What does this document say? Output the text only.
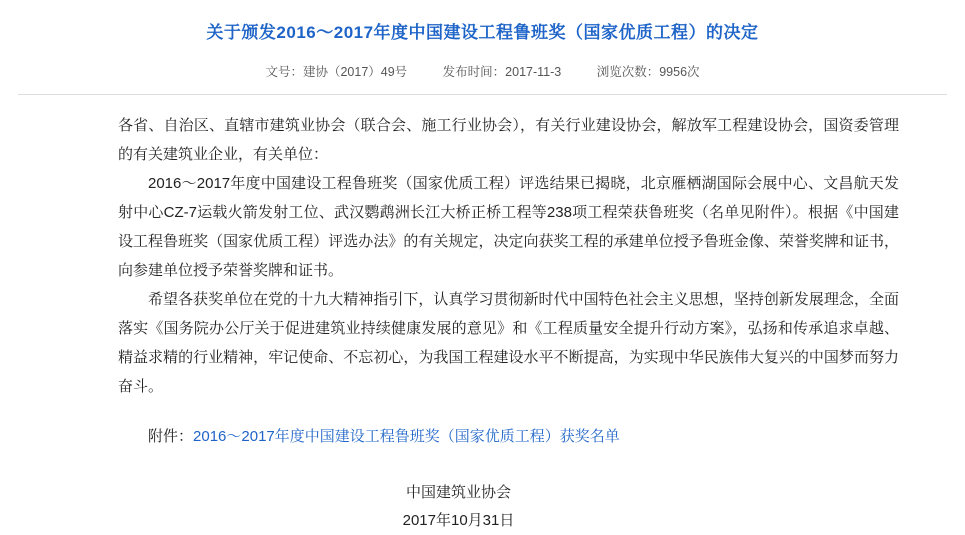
关于颁发2016～2017年度中国建设工程鲁班奖（国家优质工程）的决定
文号：建协（2017）49号	发布时间：2017-11-3	浏览次数：9956次

各省、自治区、直辖市建筑业协会（联合会、施工行业协会），有关行业建设协会，解放军工程建设协会，国资委管理的有关建筑业企业，有关单位：

2016～2017年度中国建设工程鲁班奖（国家优质工程）评选结果已揭晓，北京雁栖湖国际会展中心、文昌航天发射中心CZ-7运载火箭发射工位、武汉鹦鹉洲长江大桥正桥工程等238项工程荣获鲁班奖（名单见附件）。根据《中国建设工程鲁班奖（国家优质工程）评选办法》的有关规定，决定向获奖工程的承建单位授予鲁班金像、荣誉奖牌和证书，向参建单位授予荣誉奖牌和证书。

希望各获奖单位在党的十九大精神指引下，认真学习贯彻新时代中国特色社会主义思想，坚持创新发展理念，全面落实《国务院办公厅关于促进建筑业持续健康发展的意见》和《工程质量安全提升行动方案》，弘扬和传承追求卓越、精益求精的行业精神，牢记使命、不忘初心，为我国工程建设水平不断提高，为实现中华民族伟大复兴的中国梦而努力奋斗。

附件：2016～2017年度中国建设工程鲁班奖（国家优质工程）获奖名单
中国建筑业协会
2017年10月31日
